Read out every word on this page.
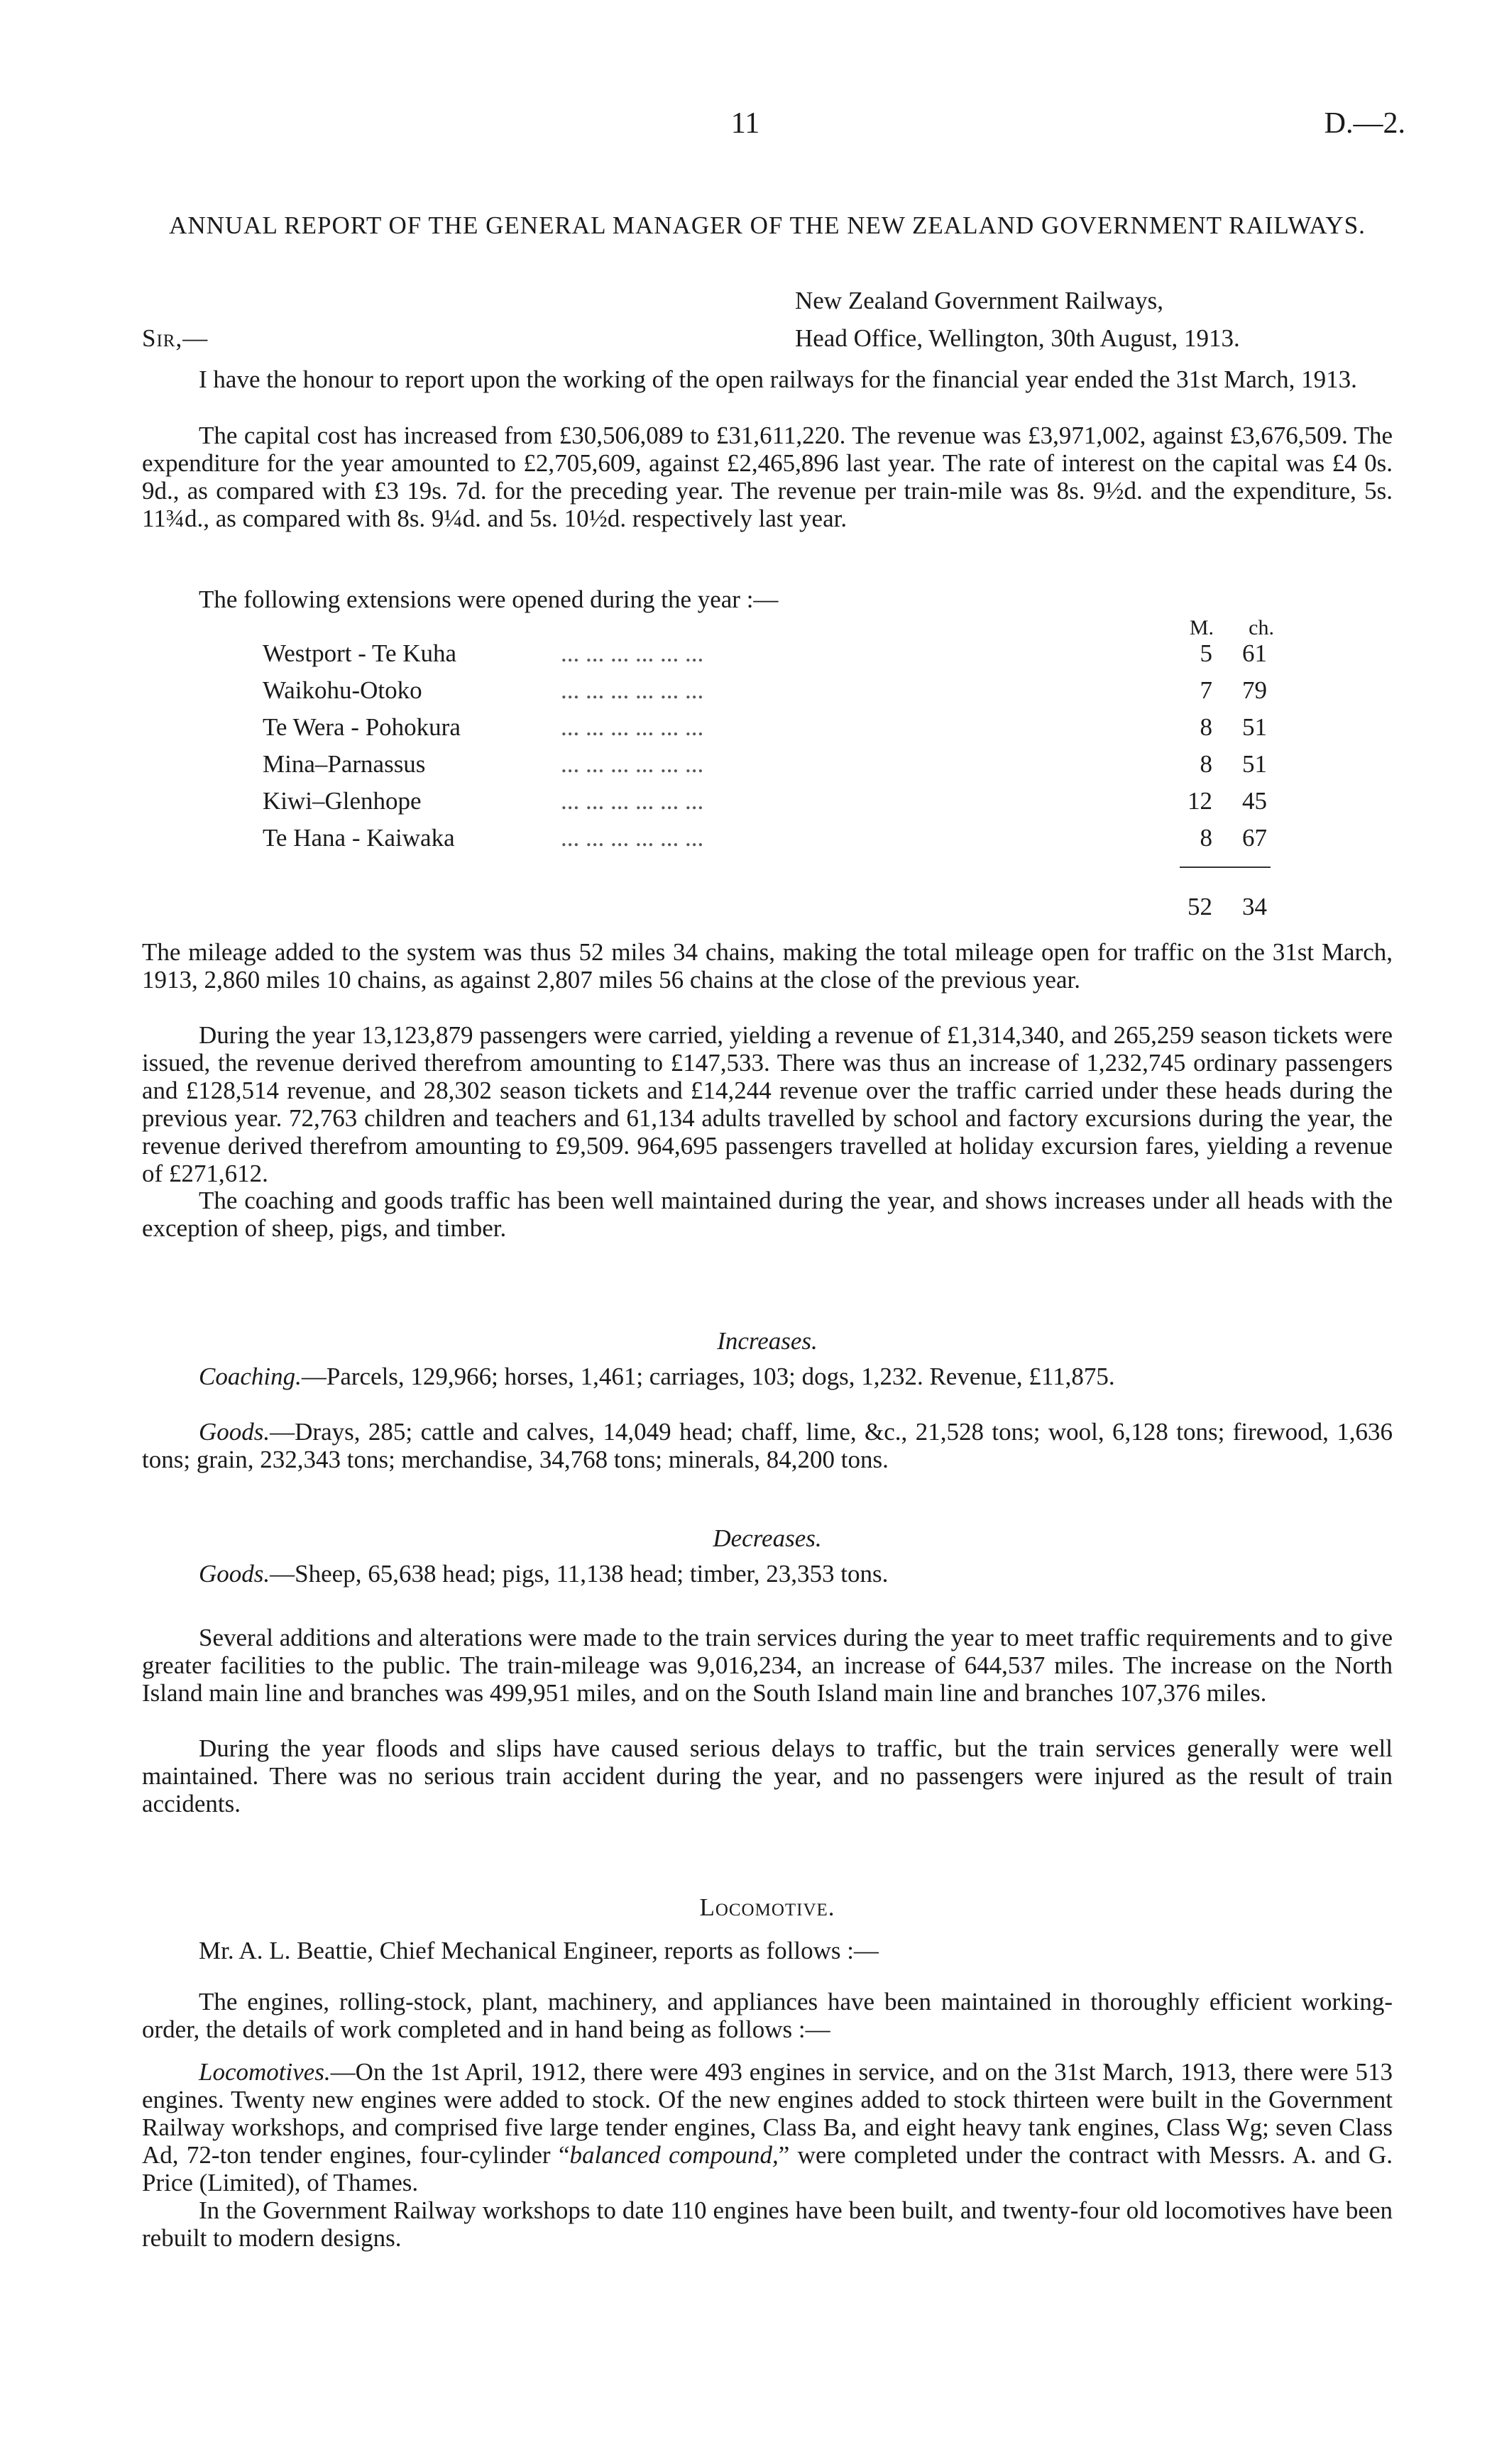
11	D.—2.

ANNUAL REPORT OF THE GENERAL MANAGER OF THE NEW ZEALAND GOVERNMENT RAILWAYS.

New Zealand Government Railways,
Sir,—	Head Office, Wellington, 30th August, 1913.

I have the honour to report upon the working of the open railways for the financial year ended the 31st March, 1913.

The capital cost has increased from £30,506,089 to £31,611,220. The revenue was £3,971,002, against £3,676,509. The expenditure for the year amounted to £2,705,609, against £2,465,896 last year. The rate of interest on the capital was £4 0s. 9d., as compared with £3 19s. 7d. for the preceding year. The revenue per train-mile was 8s. 9½d. and the expenditure, 5s. 11¾d., as compared with 8s. 9¼d. and 5s. 10½d. respectively last year.

The following extensions were opened during the year :—

M.	ch.
Westport - Te Kuha	... ... ... ... ... ...	5	61
Waikohu-Otoko	... ... ... ... ... ...	7	79
Te Wera - Pohokura	... ... ... ... ... ...	8	51
Mina–Parnassus	... ... ... ... ... ...	8	51
Kiwi–Glenhope	... ... ... ... ... ...	12	45
Te Hana - Kaiwaka	... ... ... ... ... ...	8	67
52	34

The mileage added to the system was thus 52 miles 34 chains, making the total mileage open for traffic on the 31st March, 1913, 2,860 miles 10 chains, as against 2,807 miles 56 chains at the close of the previous year.

During the year 13,123,879 passengers were carried, yielding a revenue of £1,314,340, and 265,259 season tickets were issued, the revenue derived therefrom amounting to £147,533. There was thus an increase of 1,232,745 ordinary passengers and £128,514 revenue, and 28,302 season tickets and £14,244 revenue over the traffic carried under these heads during the previous year. 72,763 children and teachers and 61,134 adults travelled by school and factory excursions during the year, the revenue derived therefrom amounting to £9,509. 964,695 passengers travelled at holiday excursion fares, yielding a revenue of £271,612.

The coaching and goods traffic has been well maintained during the year, and shows increases under all heads with the exception of sheep, pigs, and timber.

Increases.

Coaching.—Parcels, 129,966; horses, 1,461; carriages, 103; dogs, 1,232. Revenue, £11,875.

Goods.—Drays, 285; cattle and calves, 14,049 head; chaff, lime, &c., 21,528 tons; wool, 6,128 tons; firewood, 1,636 tons; grain, 232,343 tons; merchandise, 34,768 tons; minerals, 84,200 tons.

Decreases.

Goods.—Sheep, 65,638 head; pigs, 11,138 head; timber, 23,353 tons.

Several additions and alterations were made to the train services during the year to meet traffic requirements and to give greater facilities to the public. The train-mileage was 9,016,234, an increase of 644,537 miles. The increase on the North Island main line and branches was 499,951 miles, and on the South Island main line and branches 107,376 miles.

During the year floods and slips have caused serious delays to traffic, but the train services generally were well maintained. There was no serious train accident during the year, and no passengers were injured as the result of train accidents.

Locomotive.

Mr. A. L. Beattie, Chief Mechanical Engineer, reports as follows :—

The engines, rolling-stock, plant, machinery, and appliances have been maintained in thoroughly efficient working-order, the details of work completed and in hand being as follows :—

Locomotives.—On the 1st April, 1912, there were 493 engines in service, and on the 31st March, 1913, there were 513 engines. Twenty new engines were added to stock. Of the new engines added to stock thirteen were built in the Government Railway workshops, and comprised five large tender engines, Class Ba, and eight heavy tank engines, Class Wg; seven Class Ad, 72-ton tender engines, four-cylinder “balanced compound,” were completed under the contract with Messrs. A. and G. Price (Limited), of Thames.

In the Government Railway workshops to date 110 engines have been built, and twenty-four old locomotives have been rebuilt to modern designs.
